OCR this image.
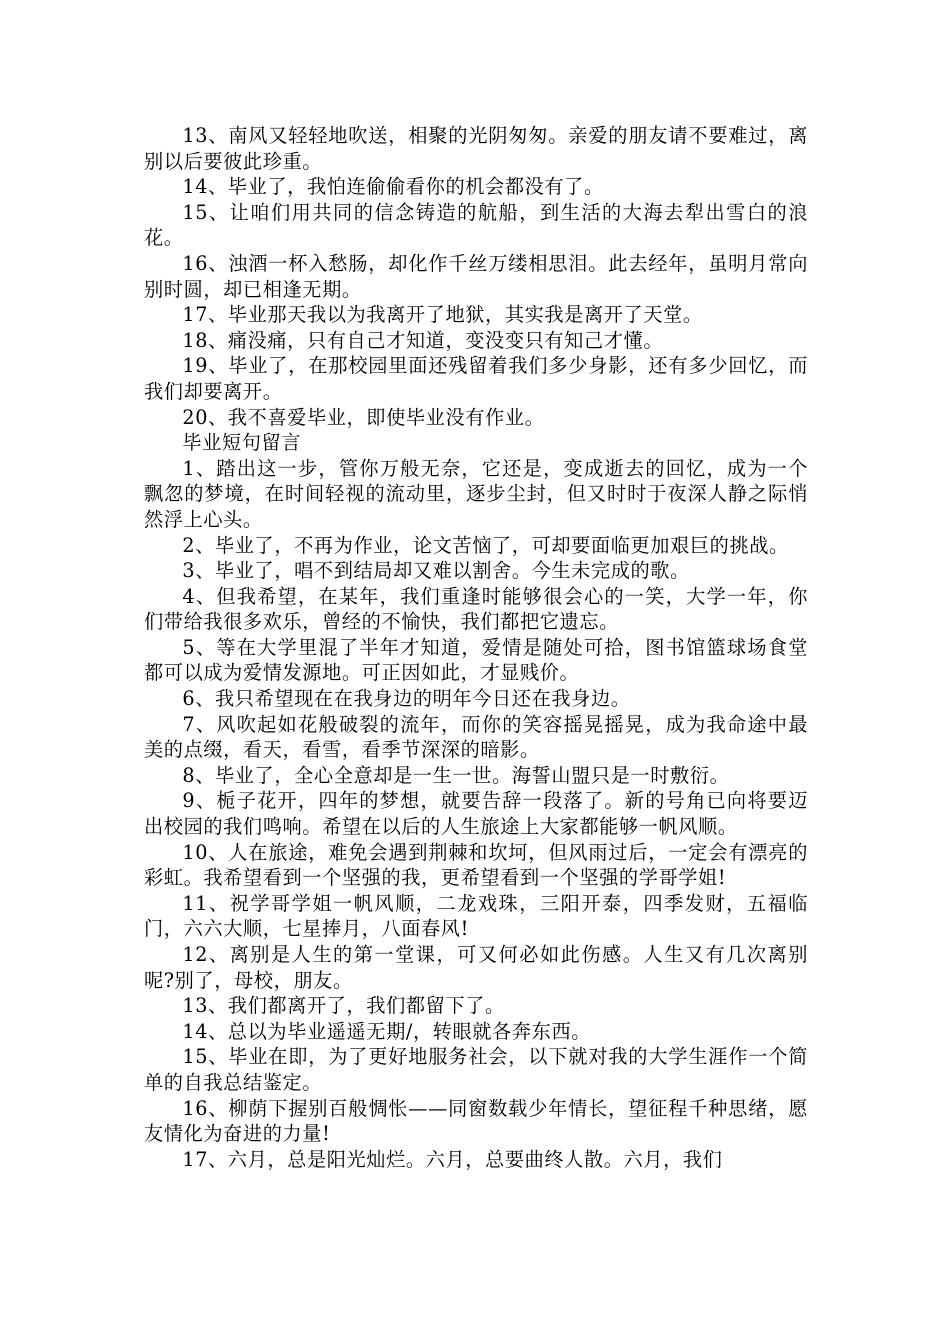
13、南风又轻轻地吹送，相聚的光阴匆匆。亲爱的朋友请不要难过，离别以后要彼此珍重。

14、毕业了，我怕连偷偷看你的机会都没有了。

15、让咱们用共同的信念铸造的航船，到生活的大海去犁出雪白的浪花。

16、浊酒一杯入愁肠，却化作千丝万缕相思泪。此去经年，虽明月常向别时圆，却已相逢无期。

17、毕业那天我以为我离开了地狱，其实我是离开了天堂。

18、痛没痛，只有自己才知道，变没变只有知己才懂。

19、毕业了，在那校园里面还残留着我们多少身影，还有多少回忆，而我们却要离开。

20、我不喜爱毕业，即使毕业没有作业。

毕业短句留言

1、踏出这一步，管你万般无奈，它还是，变成逝去的回忆，成为一个飘忽的梦境，在时间轻视的流动里，逐步尘封，但又时时于夜深人静之际悄然浮上心头。

2、毕业了，不再为作业，论文苦恼了，可却要面临更加艰巨的挑战。

3、毕业了，唱不到结局却又难以割舍。今生未完成的歌。

4、但我希望，在某年，我们重逢时能够很会心的一笑，大学一年，你们带给我很多欢乐，曾经的不愉快，我们都把它遗忘。

5、等在大学里混了半年才知道，爱情是随处可拾，图书馆篮球场食堂都可以成为爱情发源地。可正因如此，才显贱价。

6、我只希望现在在我身边的明年今日还在我身边。

7、风吹起如花般破裂的流年，而你的笑容摇晃摇晃，成为我命途中最美的点缀，看天，看雪，看季节深深的暗影。

8、毕业了，全心全意却是一生一世。海誓山盟只是一时敷衍。

9、栀子花开，四年的梦想，就要告辞一段落了。新的号角已向将要迈出校园的我们鸣响。希望在以后的人生旅途上大家都能够一帆风顺。

10、人在旅途，难免会遇到荆棘和坎坷，但风雨过后，一定会有漂亮的彩虹。我希望看到一个坚强的我，更希望看到一个坚强的学哥学姐!

11、祝学哥学姐一帆风顺，二龙戏珠，三阳开泰，四季发财，五福临门，六六大顺，七星捧月，八面春风!

12、离别是人生的第一堂课，可又何必如此伤感。人生又有几次离别呢?别了，母校，朋友。

13、我们都离开了，我们都留下了。

14、总以为毕业遥遥无期/，转眼就各奔东西。

15、毕业在即，为了更好地服务社会，以下就对我的大学生涯作一个简单的自我总结鉴定。

16、柳荫下握别百般惆怅——同窗数载少年情长，望征程千种思绪，愿友情化为奋进的力量!

17、六月，总是阳光灿烂。六月，总要曲终人散。六月，我们
